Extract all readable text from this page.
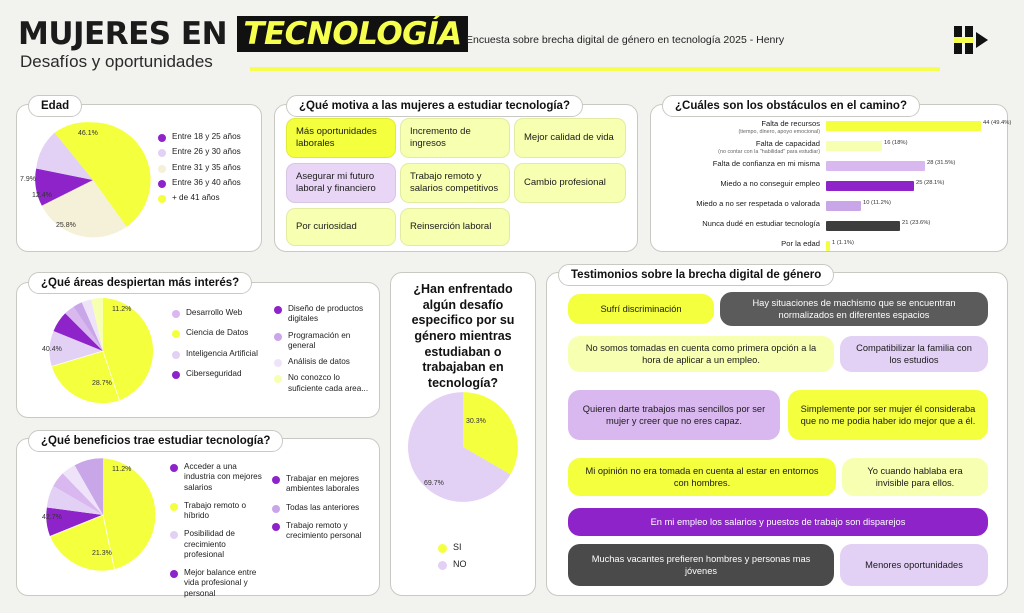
MUJERES EN TECNOLOGÍA
Desafíos y oportunidades
Encuesta sobre brecha digital de género en tecnología 2025 - Henry
Edad
46.1%
25.8%
12.4%
7.9%
Entre 18 y 25 años
Entre 26 y 30 años
Entre 31 y 35 años
Entre 36 y 40 años
+ de 41 años
¿Qué motiva a las mujeres a estudiar tecnología?
Más oportunidades laborales
Incremento de ingresos
Mejor calidad de vida
Asegurar mi futuro laboral y financiero
Trabajo remoto y salarios competitivos
Cambio profesional
Por curiosidad	Reinserción laboral
¿Cuáles son los obstáculos en el camino?
Falta de recursos
(tiempo, dinero, apoyo emocional)
44 (49.4%)
Falta de capacidad
(no contar con la "habilidad" para estudiar)
16 (18%)
Falta de confianza en mi misma	28 (31.5%)
Miedo a no conseguir empleo	25 (28.1%)
Miedo a no ser respetada o valorada	10 (11.2%)
Nunca dudé en estudiar tecnología	21 (23.6%)
Por la edad 1 (1.1%)
¿Qué áreas despiertan más interés?
11.2%
40.4%
28.7%
Desarrollo Web
Ciencia de Datos
Inteligencia Artificial
Ciberseguridad
Diseño de productos digitales
Programación en general
Análisis de datos
No conozco lo suficiente cada area...
¿Qué beneficios trae estudiar tecnología?
11.2%
42.7%
21.3%
Acceder a una industria con mejores salarios
Trabajo remoto o híbrido
Posibilidad de crecimiento profesional
Mejor balance entre vida profesional y personal
Trabajar en mejores ambientes laborales
Todas las anteriores
Trabajo remoto y crecimiento personal
¿Han enfrentado algún desafío especifico por su género mientras estudiaban o trabajaban en tecnología?
30.3%
69.7%
SI
NO
Testimonios sobre la brecha digital de género
Sufrí discriminación
Hay situaciones de machismo que se encuentran normalizados en diferentes espacios
No somos tomadas en cuenta como primera opción a la hora de aplicar a un empleo.
Compatibilizar la familia con los estudios
Quieren darte trabajos mas sencillos por ser mujer y creer que no eres capaz.
Simplemente por ser mujer él consideraba que no me podia haber ido mejor que a él.
Mi opinión no era tomada en cuenta al estar en entornos con hombres.
Yo cuando hablaba era invisible para ellos.
En mi empleo los salarios y puestos de trabajo son disparejos
Muchas vacantes prefieren hombres y personas mas jóvenes
Menores oportunidades
